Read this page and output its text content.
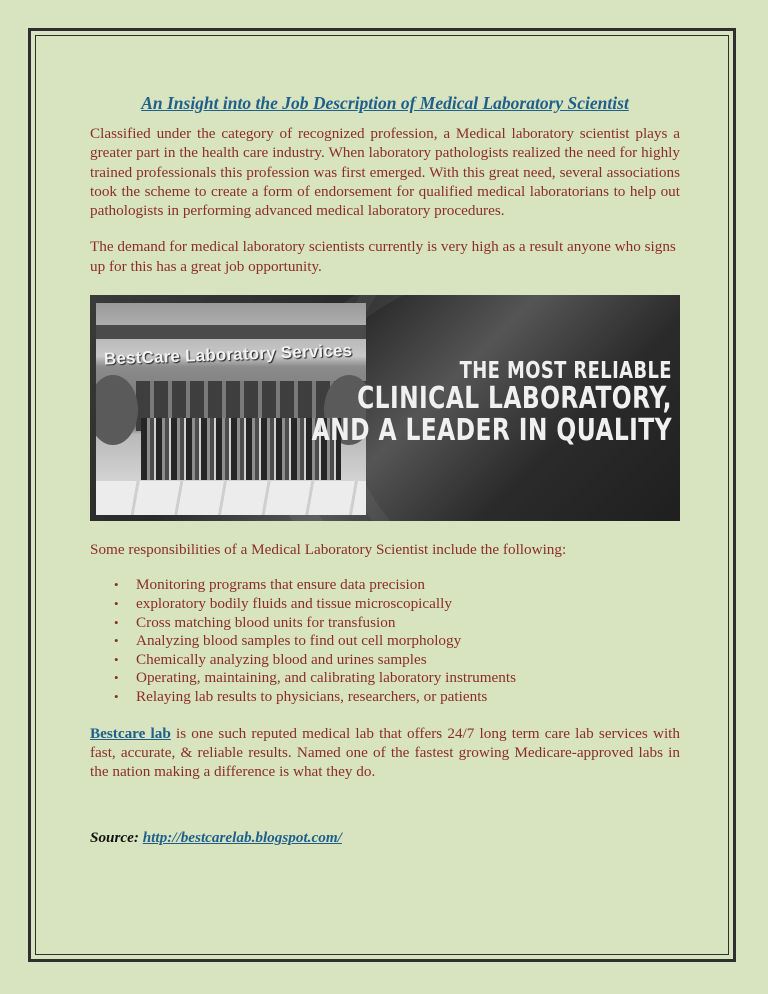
An Insight into the Job Description of Medical Laboratory Scientist

Classified under the category of recognized profession, a Medical laboratory scientist plays a greater part in the health care industry. When laboratory pathologists realized the need for highly trained professionals this profession was first emerged. With this great need, several associations took the scheme to create a form of endorsement for qualified medical laboratorians to help out pathologists in performing advanced medical laboratory procedures.

The demand for medical laboratory scientists currently is very high as a result anyone who signs up for this has a great job opportunity.

BestCare Laboratory Services
THE MOST RELIABLE
CLINICAL LABORATORY,
AND A LEADER IN QUALITY

Some responsibilities of a Medical Laboratory Scientist include the following:

• Monitoring programs that ensure data precision
• exploratory bodily fluids and tissue microscopically
• Cross matching blood units for transfusion
• Analyzing blood samples to find out cell morphology
• Chemically analyzing blood and urines samples
• Operating, maintaining, and calibrating laboratory instruments
• Relaying lab results to physicians, researchers, or patients

Bestcare lab is one such reputed medical lab that offers 24/7 long term care lab services with fast, accurate, & reliable results. Named one of the fastest growing Medicare-approved labs in the nation making a difference is what they do.

Source: http://bestcarelab.blogspot.com/
